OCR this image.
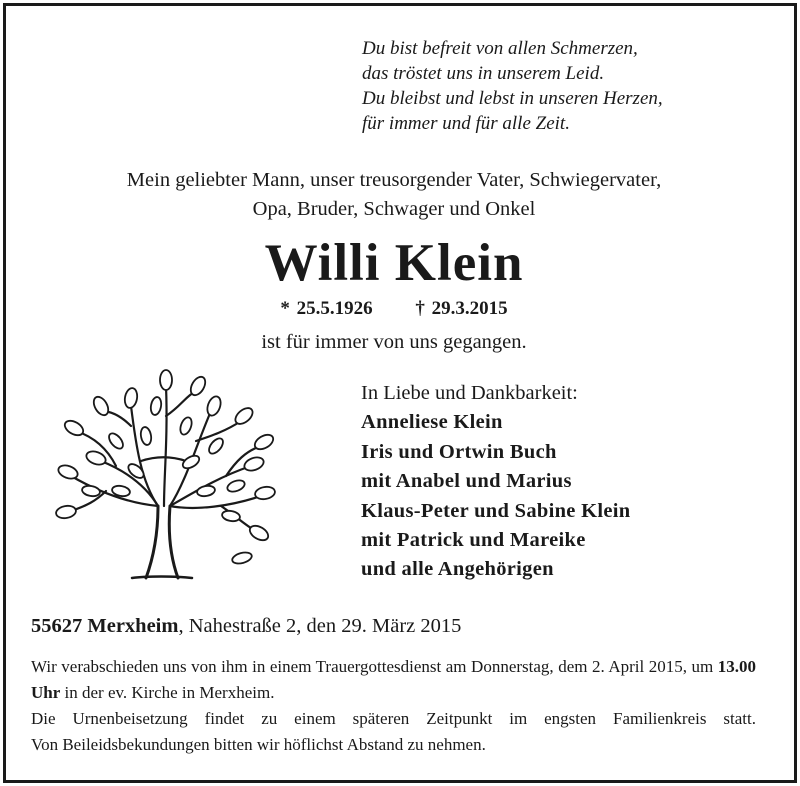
Du bist befreit von allen Schmerzen,
das tröstet uns in unserem Leid.
Du bleibst und lebst in unseren Herzen,
für immer und für alle Zeit.
Mein geliebter Mann, unser treusorgender Vater, Schwiegervater,
Opa, Bruder, Schwager und Onkel
Willi Klein
* 25.5.1926 † 29.3.2015
ist für immer von uns gegangen.
In Liebe und Dankbarkeit:
Anneliese Klein
Iris und Ortwin Buch
mit Anabel und Marius
Klaus-Peter und Sabine Klein
mit Patrick und Mareike
und alle Angehörigen
55627 Merxheim, Nahestraße 2, den 29. März 2015

Wir verabschieden uns von ihm in einem Trauergottesdienst am Donnerstag, dem 2. April 2015, um 13.00 Uhr in der ev. Kirche in Merxheim.

Die Urnenbeisetzung findet zu einem späteren Zeitpunkt im engsten Familienkreis statt.

Von Beileidsbekundungen bitten wir höflichst Abstand zu nehmen.
